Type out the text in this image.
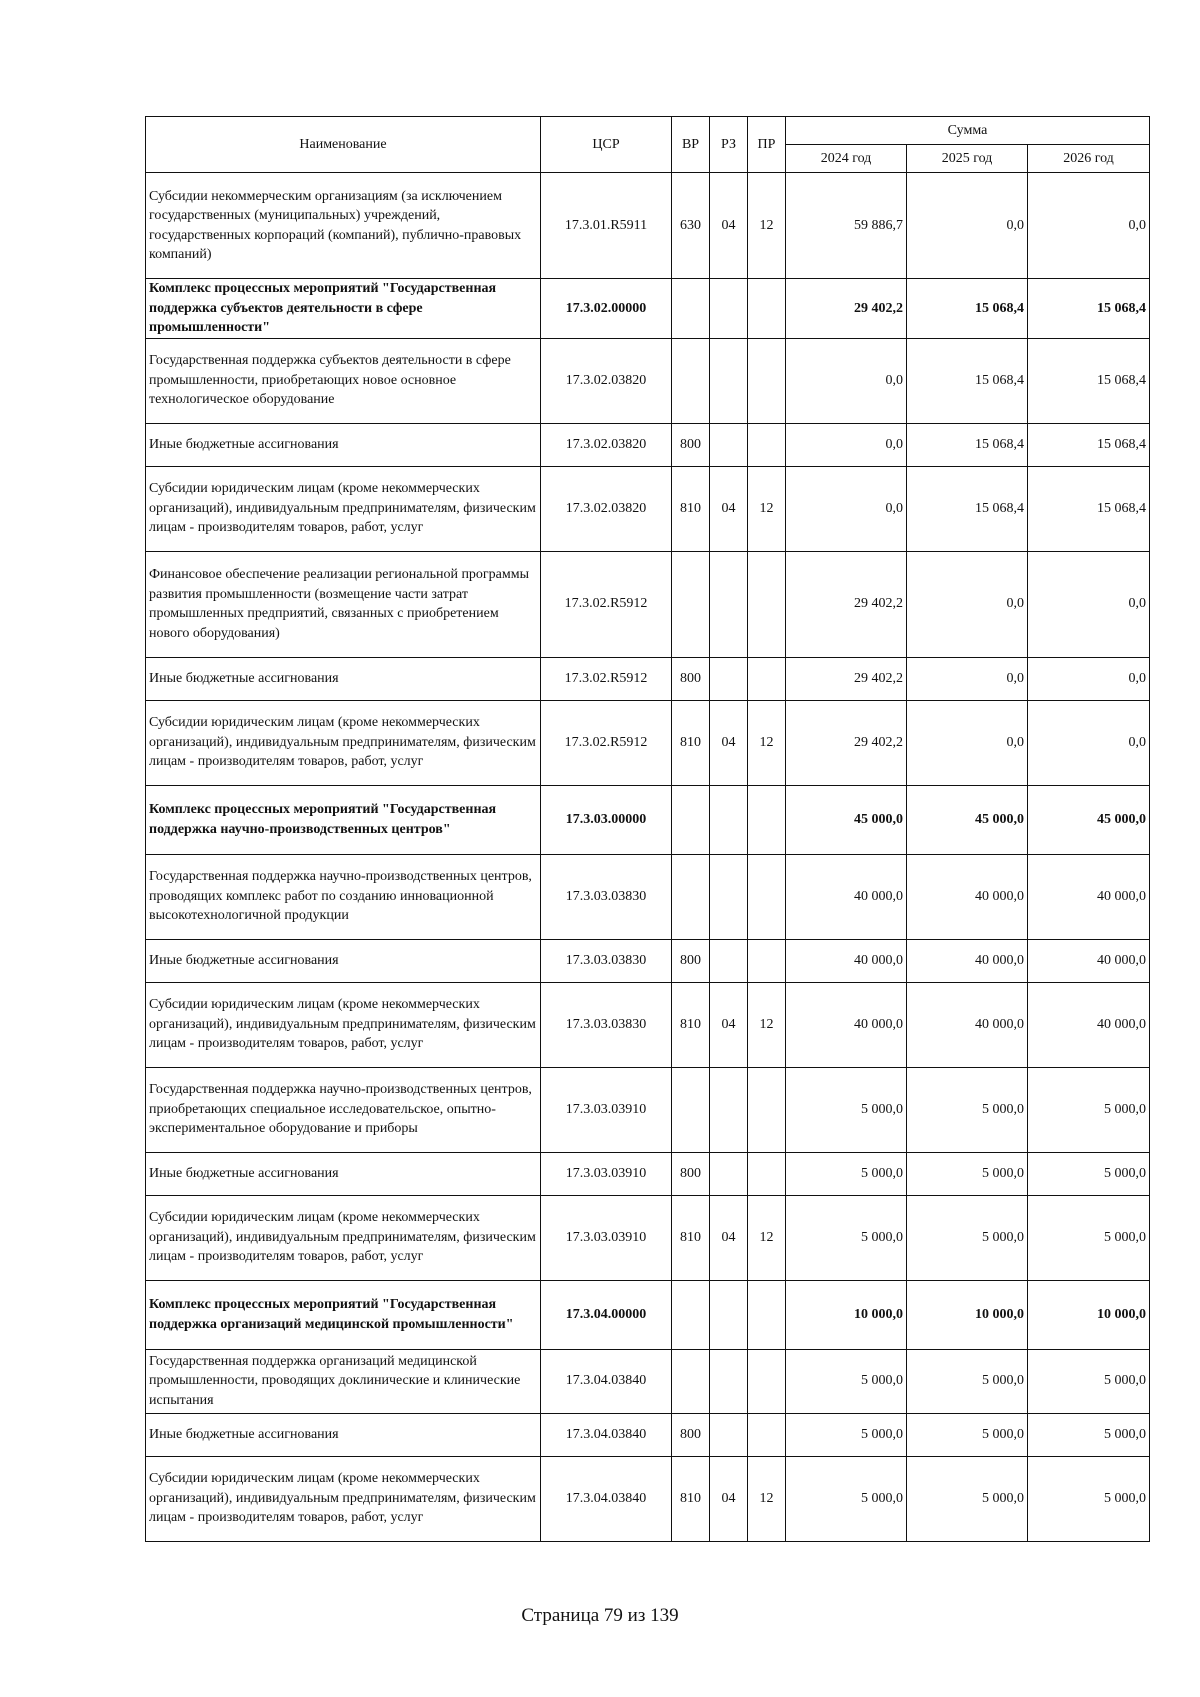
Наименование	ЦСР	ВР	РЗ	ПР	Сумма		
					2024 год	2025 год	2026 год
Субсидии некоммерческим организациям (за исключением государственных (муниципальных) учреждений, государственных корпораций (компаний), публично-правовых компаний)	17.3.01.R5911	630	04	12	59 886,7	0,0	0,0
Комплекс процессных мероприятий "Государственная поддержка субъектов деятельности в сфере промышленности"	17.3.02.00000				29 402,2	15 068,4	15 068,4
Государственная поддержка субъектов деятельности в сфере промышленности, приобретающих новое основное технологическое оборудование	17.3.02.03820				0,0	15 068,4	15 068,4
Иные бюджетные ассигнования	17.3.02.03820	800			0,0	15 068,4	15 068,4
Субсидии юридическим лицам (кроме некоммерческих организаций), индивидуальным предпринимателям, физическим лицам - производителям товаров, работ, услуг	17.3.02.03820	810	04	12	0,0	15 068,4	15 068,4
Финансовое обеспечение реализации региональной программы развития промышленности (возмещение части затрат промышленных предприятий, связанных с приобретением нового оборудования)	17.3.02.R5912				29 402,2	0,0	0,0
Иные бюджетные ассигнования	17.3.02.R5912	800			29 402,2	0,0	0,0
Субсидии юридическим лицам (кроме некоммерческих организаций), индивидуальным предпринимателям, физическим лицам - производителям товаров, работ, услуг	17.3.02.R5912	810	04	12	29 402,2	0,0	0,0
Комплекс процессных мероприятий "Государственная поддержка научно-производственных центров"	17.3.03.00000				45 000,0	45 000,0	45 000,0
Государственная поддержка научно-производственных центров, проводящих комплекс работ по созданию инновационной высокотехнологичной продукции	17.3.03.03830				40 000,0	40 000,0	40 000,0
Иные бюджетные ассигнования	17.3.03.03830	800			40 000,0	40 000,0	40 000,0
Субсидии юридическим лицам (кроме некоммерческих организаций), индивидуальным предпринимателям, физическим лицам - производителям товаров, работ, услуг	17.3.03.03830	810	04	12	40 000,0	40 000,0	40 000,0
Государственная поддержка научно-производственных центров, приобретающих специальное исследовательское, опытно-экспериментальное оборудование и приборы	17.3.03.03910				5 000,0	5 000,0	5 000,0
Иные бюджетные ассигнования	17.3.03.03910	800			5 000,0	5 000,0	5 000,0
Субсидии юридическим лицам (кроме некоммерческих организаций), индивидуальным предпринимателям, физическим лицам - производителям товаров, работ, услуг	17.3.03.03910	810	04	12	5 000,0	5 000,0	5 000,0
Комплекс процессных мероприятий "Государственная поддержка организаций медицинской промышленности"	17.3.04.00000				10 000,0	10 000,0	10 000,0
Государственная поддержка организаций медицинской промышленности, проводящих доклинические и клинические испытания	17.3.04.03840				5 000,0	5 000,0	5 000,0
Иные бюджетные ассигнования	17.3.04.03840	800			5 000,0	5 000,0	5 000,0
Субсидии юридическим лицам (кроме некоммерческих организаций), индивидуальным предпринимателям, физическим лицам - производителям товаров, работ, услуг	17.3.04.03840	810	04	12	5 000,0	5 000,0	5 000,0
Страница 79 из 139
